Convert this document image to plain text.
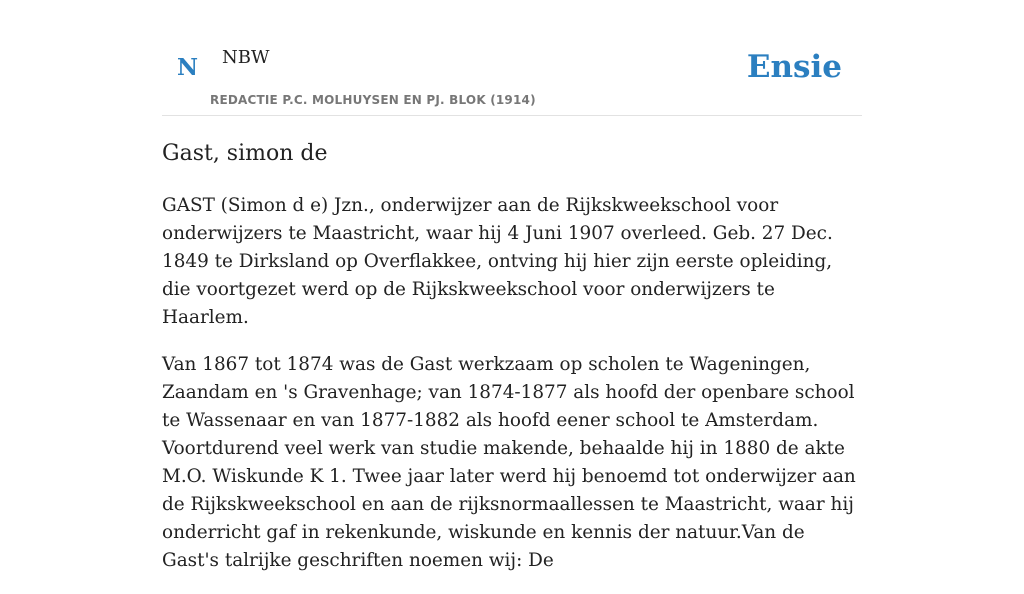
N NBW
REDACTIE P.C. MOLHUYSEN EN PJ. BLOK (1914)
Ensie
Gast, simon de

GAST (Simon d e) Jzn., onderwijzer aan de Rijkskweekschool voor onderwijzers te Maastricht, waar hij 4 Juni 1907 overleed. Geb. 27 Dec. 1849 te Dirksland op Overflakkee, ontving hij hier zijn eerste opleiding, die voortgezet werd op de Rijkskweekschool voor onderwijzers te Haarlem.

Van 1867 tot 1874 was de Gast werkzaam op scholen te Wageningen, Zaandam en 's Gravenhage; van 1874-1877 als hoofd der openbare school te Wassenaar en van 1877-1882 als hoofd eener school te Amsterdam. Voortdurend veel werk van studie makende, behaalde hij in 1880 de akte M.O. Wiskunde K 1. Twee jaar later werd hij benoemd tot onderwijzer aan de Rijkskweekschool en aan de rijksnormaallessen te Maastricht, waar hij onderricht gaf in rekenkunde, wiskunde en kennis der natuur.Van de Gast's talrijke geschriften noemen wij: De
